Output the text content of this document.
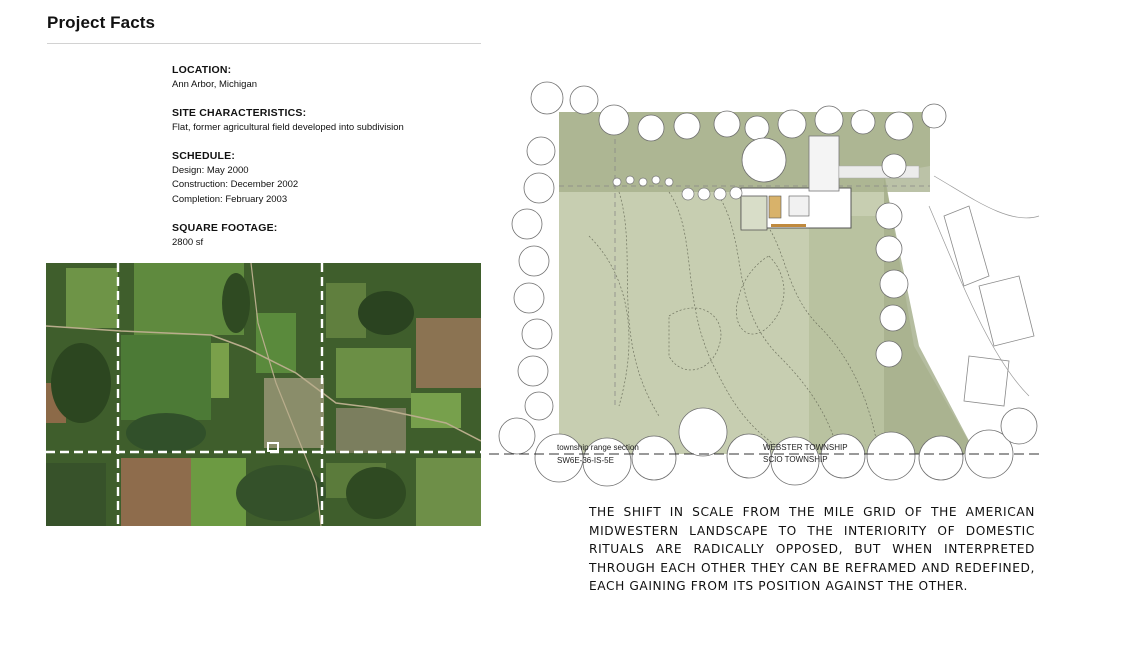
Project Facts
LOCATION:
Ann Arbor, Michigan
SITE CHARACTERISTICS:
Flat, former agricultural field developed into subdivision
SCHEDULE:
Design: May 2000
Construction: December 2002
Completion: February 2003
SQUARE FOOTAGE:
2800 sf
township range section
SW6E-36-IS-5E
WEBSTER TOWNSHIP
SCIO TOWNSHIP
THE SHIFT IN SCALE FROM THE MILE GRID OF THE AMERICAN MIDWESTERN LANDSCAPE TO THE INTERIORITY OF DOMESTIC RITUALS ARE RADICALLY OPPOSED, BUT WHEN INTERPRETED THROUGH EACH OTHER THEY CAN BE REFRAMED AND REDEFINED, EACH GAINING FROM ITS POSITION AGAINST THE OTHER.
